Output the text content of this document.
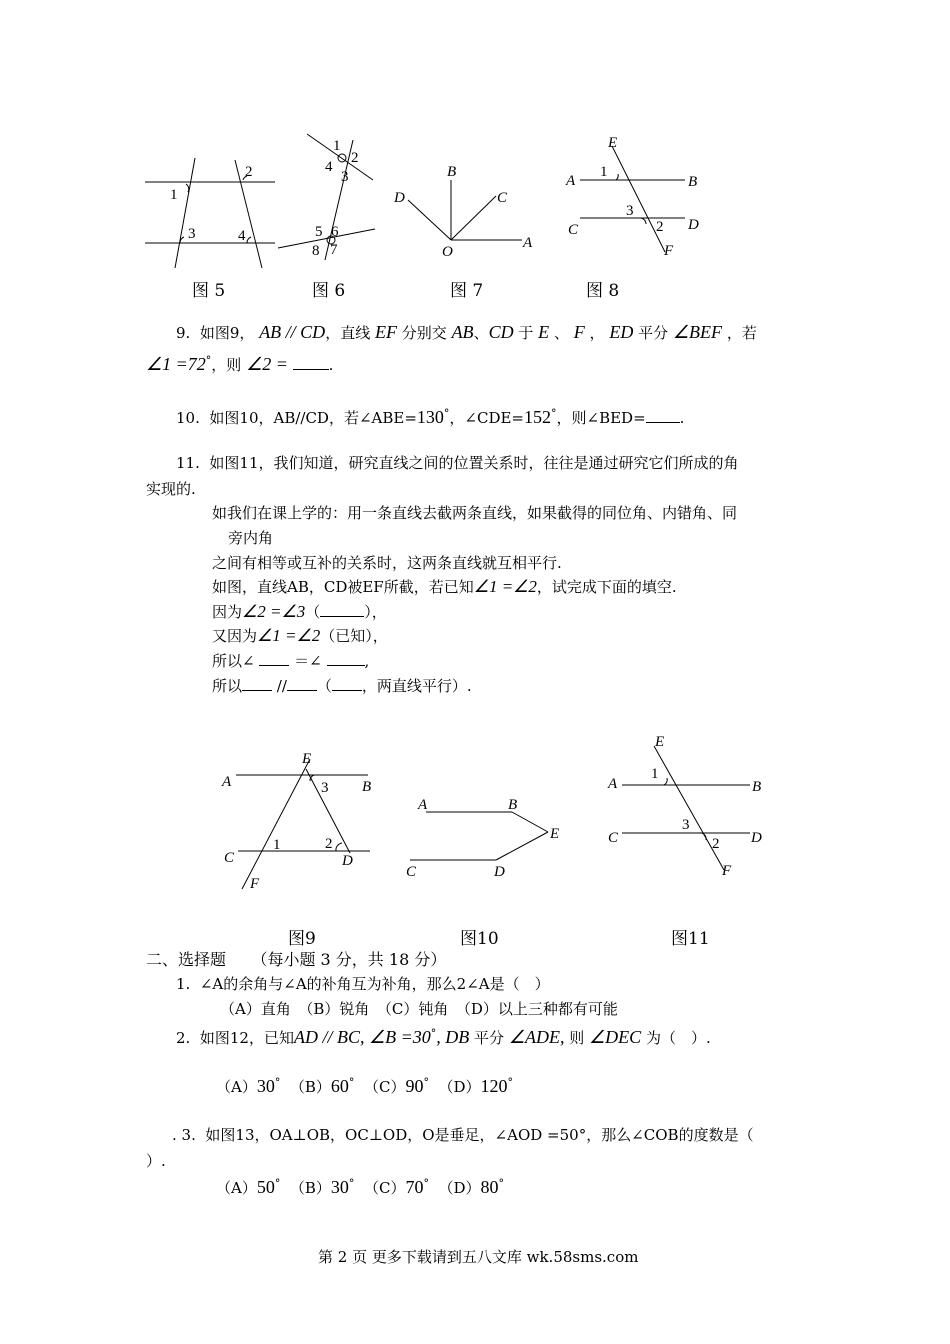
1
2
3	4
图 5
1
2
3
4
5 6
7
8
图 6
B
C
D
O
A
图 7
E
1
A	B
C
3
D
2
F
图 8
9. 如图9， AB // CD，直线 EF 分别交 AB、CD 于 E 、 F ， ED 平分 ∠BEF ，若
∠1 =72°，则 ∠2 =	.
10. 如图10，AB//CD，若∠ABE=130°，∠CDE=152°，则∠BED= .
11. 如图11，我们知道，研究直线之间的位置关系时，往往是通过研究它们所成的角
实现的.
如我们在课上学的：用一条直线去截两条直线，如果截得的同位角、内错角、同
旁内角
之间有相等或互补的关系时，这两条直线就互相平行.
如图，直线AB，CD被EF所截，若已知∠1 =∠2，试完成下面的填空.
因为∠2 =∠3（	），
又因为∠1 =∠2（已知），
所以∠	＝∠	,
所以 // （ ，两直线平行）.
E
A	3 B
C
1	2
D
F
图9
A	B
E
C	D
图10
E
A
1
B
C
3
D
2
F
图11
二、选择题 （每小题 3 分，共 18 分）
1. ∠A的余角与∠A的补角互为补角，那么2∠A是（　）
（A）直角　（B）锐角　（C）钝角　（D）以上三种都有可能
2. 如图12，已知AD // BC, ∠B =30°, DB 平分 ∠ADE, 则 ∠DEC 为（　）.
（A）30° （B）60° （C）90° （D）120°
. 3. 如图13，OA⊥OB，OC⊥OD，O是垂足，∠AOD =50°，那么∠COB的度数是（
）.
（A）50° （B）30° （C）70° （D）80°
第 2 页 更多下载请到五八文库 wk.58sms.com
